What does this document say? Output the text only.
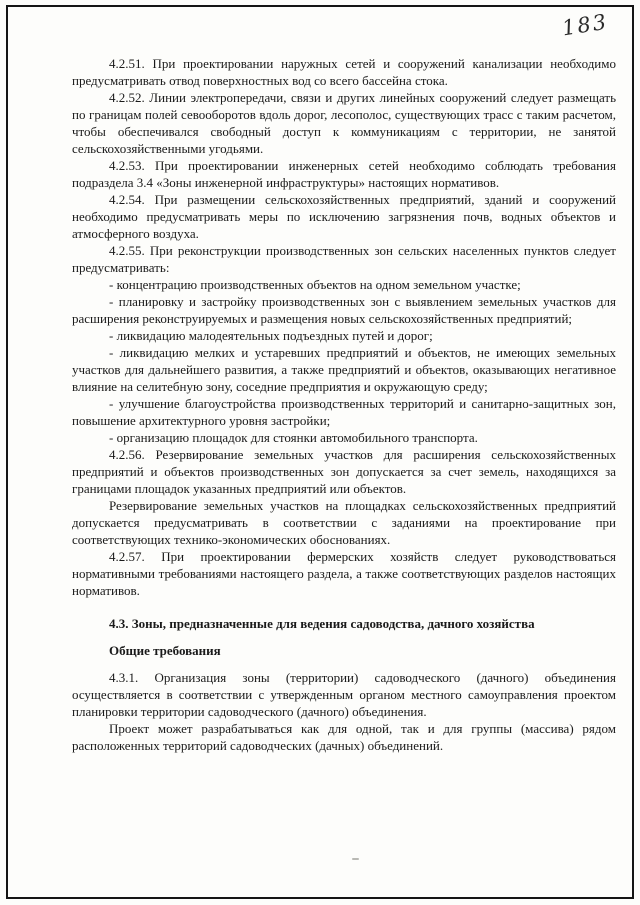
183

4.2.51. При проектировании наружных сетей и сооружений канализации необходимо предусматривать отвод поверхностных вод со всего бассейна стока.

4.2.52. Линии электропередачи, связи и других линейных сооружений следует размещать по границам полей севооборотов вдоль дорог, лесополос, существующих трасс с таким расчетом, чтобы обеспечивался свободный доступ к коммуникациям с территории, не занятой сельскохозяйственными угодьями.

4.2.53. При проектировании инженерных сетей необходимо соблюдать требования подраздела 3.4 «Зоны инженерной инфраструктуры» настоящих нормативов.

4.2.54. При размещении сельскохозяйственных предприятий, зданий и сооружений необходимо предусматривать меры по исключению загрязнения почв, водных объектов и атмосферного воздуха.

4.2.55. При реконструкции производственных зон сельских населенных пунктов следует предусматривать:

- концентрацию производственных объектов на одном земельном участке;

- планировку и застройку производственных зон с выявлением земельных участков для расширения реконструируемых и размещения новых сельскохозяйственных предприятий;

- ликвидацию малодеятельных подъездных путей и дорог;

- ликвидацию мелких и устаревших предприятий и объектов, не имеющих земельных участков для дальнейшего развития, а также предприятий и объектов, оказывающих негативное влияние на селитебную зону, соседние предприятия и окружающую среду;

- улучшение благоустройства производственных территорий и санитарно-защитных зон, повышение архитектурного уровня застройки;

- организацию площадок для стоянки автомобильного транспорта.

4.2.56. Резервирование земельных участков для расширения сельскохозяйственных предприятий и объектов производственных зон допускается за счет земель, находящихся за границами площадок указанных предприятий или объектов.

Резервирование земельных участков на площадках сельскохозяйственных предприятий допускается предусматривать в соответствии с заданиями на проектирование при соответствующих технико-экономических обоснованиях.

4.2.57. При проектировании фермерских хозяйств следует руководствоваться нормативными требованиями настоящего раздела, а также соответствующих разделов настоящих нормативов.

4.3. Зоны, предназначенные для ведения садоводства, дачного хозяйства

Общие требования

4.3.1. Организация зоны (территории) садоводческого (дачного) объединения осуществляется в соответствии с утвержденным органом местного самоуправления проектом планировки территории садоводческого (дачного) объединения.

Проект может разрабатываться как для одной, так и для группы (массива) рядом расположенных территорий садоводческих (дачных) объединений.
